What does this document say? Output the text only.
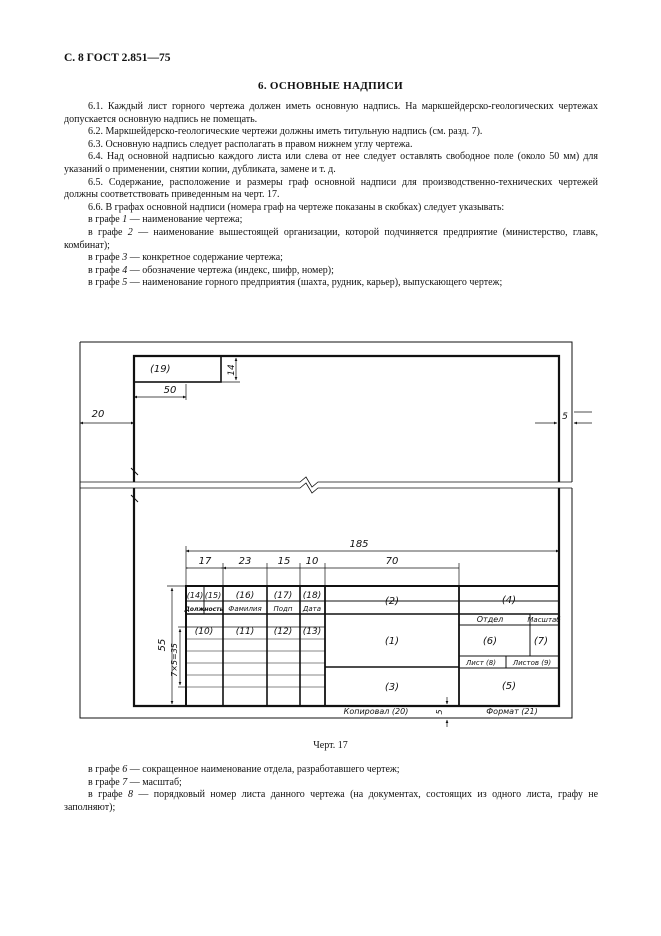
С. 8 ГОСТ 2.851—75
6. ОСНОВНЫЕ НАДПИСИ

6.1. Каждый лист горного чертежа должен иметь основную надпись. На маркшейдерско-геологических чертежах допускается основную надпись не помещать.

6.2. Маркшейдерско-геологические чертежи должны иметь титульную надпись (см. разд. 7).

6.3. Основную надпись следует располагать в правом нижнем углу чертежа.

6.4. Над основной надписью каждого листа или слева от нее следует оставлять свободное поле (около 50 мм) для указаний о применении, снятии копии, дубликата, замене и т. д.

6.5. Содержание, расположение и размеры граф основной надписи для производственно-технических чертежей должны соответствовать приведенным на черт. 17.

6.6. В графах основной надписи (номера граф на чертеже показаны в скобках) следует указывать:

в графе 1 — наименование чертежа;

в графе 2 — наименование вышестоящей организации, которой подчиняется предприятие (министерство, главк, комбинат);

в графе 3 — конкретное содержание чертежа;

в графе 4 — обозначение чертежа (индекс, шифр, номер);

в графе 5 — наименование горного предприятия (шахта, рудник, карьер), выпускающего чертеж;

20
50
14
5
185
17	23	15 10	70
55 7×5=35
5
(19)
(14) (15) (16) (17) (18)	(2)	(4)
Должность Фамилия Подп Дата
(10)	(11) (12) (13)
Отдел	Масштаб
(1)	(6)	(7)
Лист (8) Листов (9)
(3)	(5)
Копировал (20)	Формат (21)
Черт. 17

в графе 6 — сокращенное наименование отдела, разработавшего чертеж;

в графе 7 — масштаб;

в графе 8 — порядковый номер листа данного чертежа (на документах, состоящих из одного листа, графу не заполняют);
